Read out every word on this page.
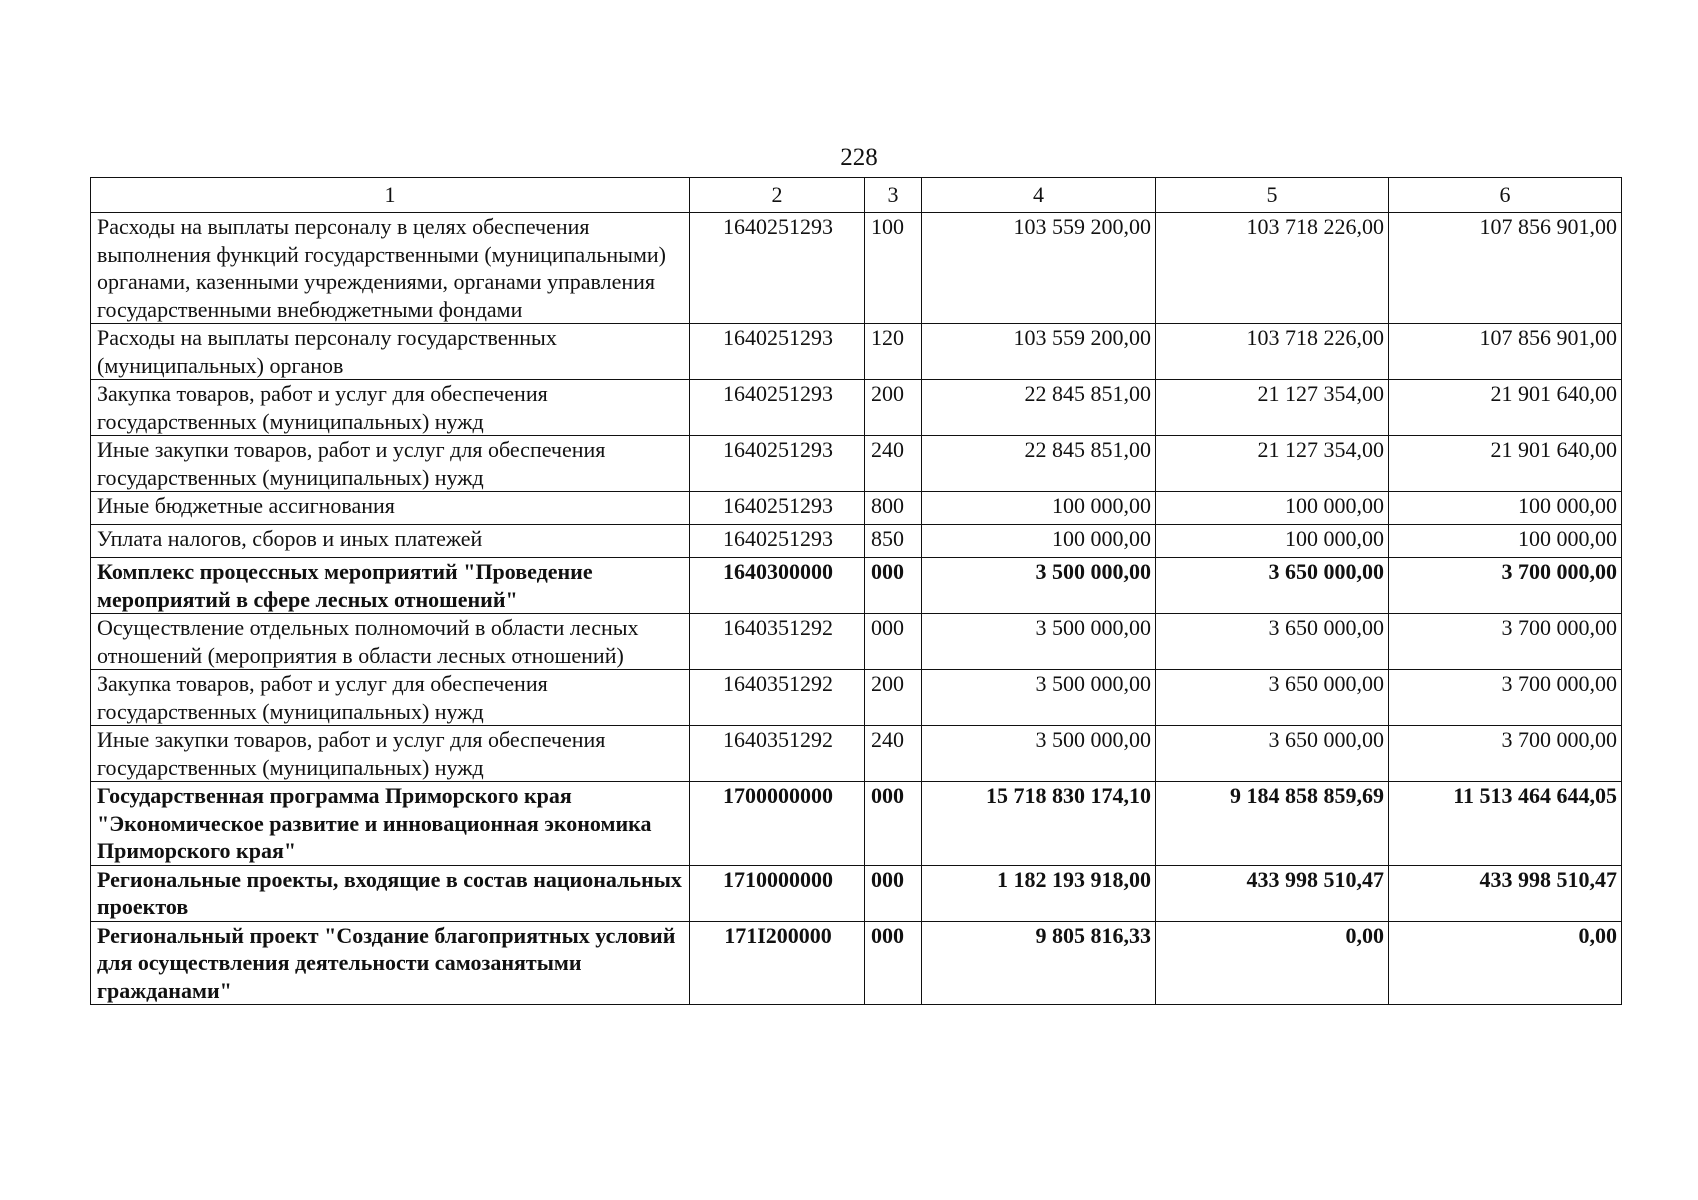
228
1	2	3	4	5	6
Расходы на выплаты персоналу в целях обеспечения выполнения функций государственными (муниципальными) органами, казенными учреждениями, органами управления государственными внебюджетными фондами	1640251293	100	103 559 200,00	103 718 226,00	107 856 901,00
Расходы на выплаты персоналу государственных (муниципальных) органов	1640251293	120	103 559 200,00	103 718 226,00	107 856 901,00
Закупка товаров, работ и услуг для обеспечения государственных (муниципальных) нужд	1640251293	200	22 845 851,00	21 127 354,00	21 901 640,00
Иные закупки товаров, работ и услуг для обеспечения государственных (муниципальных) нужд	1640251293	240	22 845 851,00	21 127 354,00	21 901 640,00
Иные бюджетные ассигнования	1640251293	800	100 000,00	100 000,00	100 000,00
Уплата налогов, сборов и иных платежей	1640251293	850	100 000,00	100 000,00	100 000,00
Комплекс процессных мероприятий "Проведение мероприятий в сфере лесных отношений"	1640300000	000	3 500 000,00	3 650 000,00	3 700 000,00
Осуществление отдельных полномочий в области лесных отношений (мероприятия в области лесных отношений)	1640351292	000	3 500 000,00	3 650 000,00	3 700 000,00
Закупка товаров, работ и услуг для обеспечения государственных (муниципальных) нужд	1640351292	200	3 500 000,00	3 650 000,00	3 700 000,00
Иные закупки товаров, работ и услуг для обеспечения государственных (муниципальных) нужд	1640351292	240	3 500 000,00	3 650 000,00	3 700 000,00
Государственная программа Приморского края "Экономическое развитие и инновационная экономика Приморского края"	1700000000	000	15 718 830 174,10	9 184 858 859,69	11 513 464 644,05
Региональные проекты, входящие в состав национальных проектов	1710000000	000	1 182 193 918,00	433 998 510,47	433 998 510,47
Региональный проект "Создание благоприятных условий для осуществления деятельности самозанятыми гражданами"	171I200000	000	9 805 816,33	0,00	0,00
